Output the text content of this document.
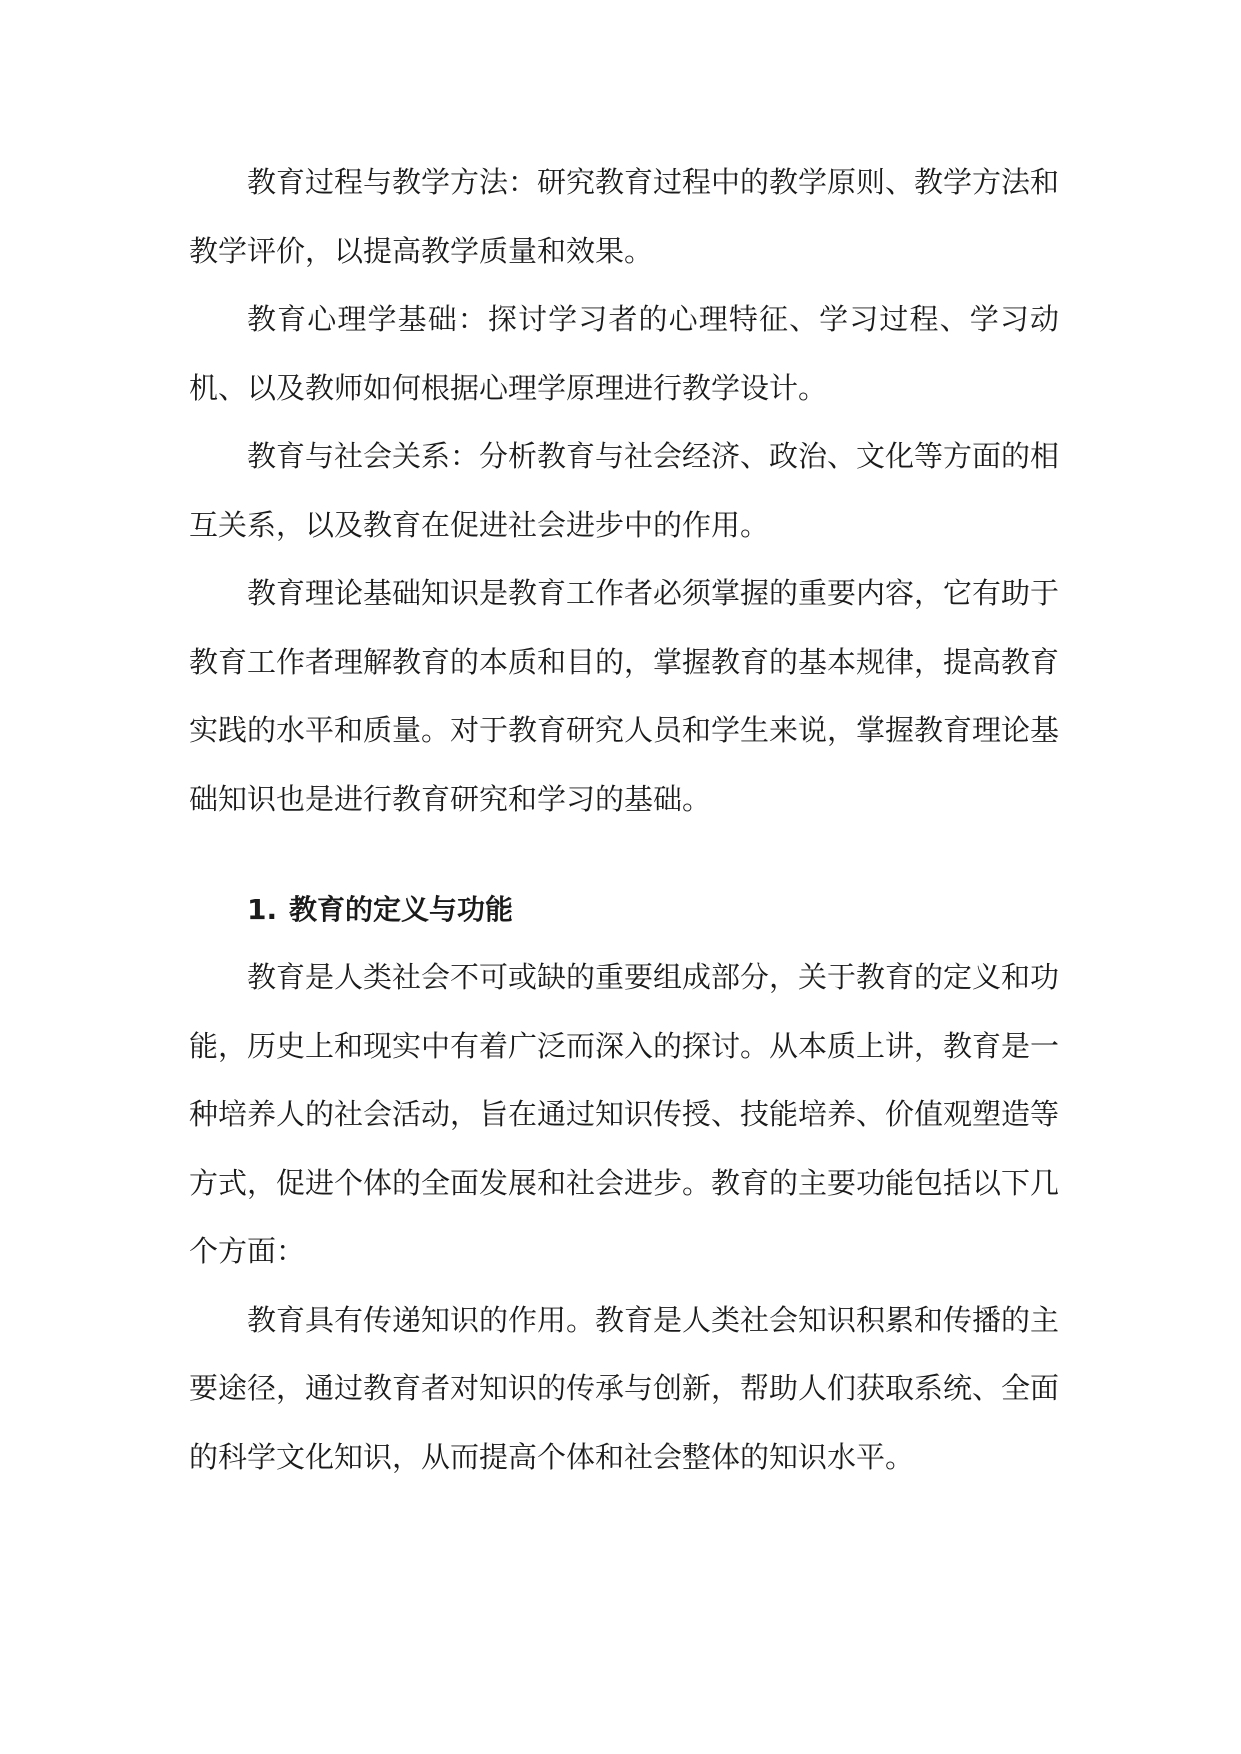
教育过程与教学方法：研究教育过程中的教学原则、教学方法和教学评价，以提高教学质量和效果。

教育心理学基础：探讨学习者的心理特征、学习过程、学习动机、以及教师如何根据心理学原理进行教学设计。

教育与社会关系：分析教育与社会经济、政治、文化等方面的相互关系，以及教育在促进社会进步中的作用。

教育理论基础知识是教育工作者必须掌握的重要内容，它有助于教育工作者理解教育的本质和目的，掌握教育的基本规律，提高教育实践的水平和质量。对于教育研究人员和学生来说，掌握教育理论基础知识也是进行教育研究和学习的基础。

1. 教育的定义与功能

教育是人类社会不可或缺的重要组成部分，关于教育的定义和功能，历史上和现实中有着广泛而深入的探讨。从本质上讲，教育是一种培养人的社会活动，旨在通过知识传授、技能培养、价值观塑造等方式，促进个体的全面发展和社会进步。教育的主要功能包括以下几个方面：

教育具有传递知识的作用。教育是人类社会知识积累和传播的主要途径，通过教育者对知识的传承与创新，帮助人们获取系统、全面的科学文化知识，从而提高个体和社会整体的知识水平。
